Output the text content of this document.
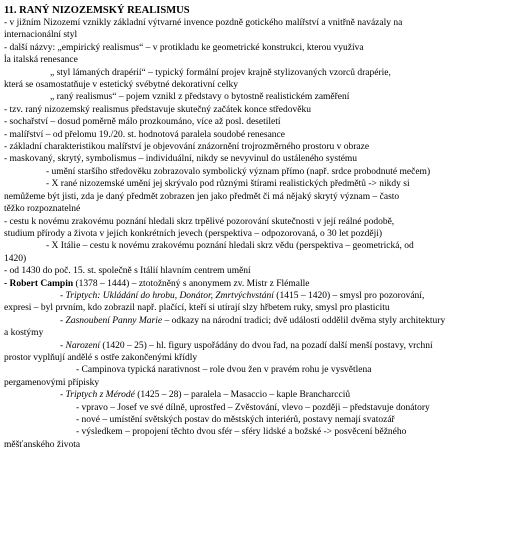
11. RANÝ NIZOZEMSKÝ REALISMUS
- v jižním Nizozemí vznikly základní výtvarné invence pozdně gotického malířství a vnitřně navázaly na
internacionální styl
- další názvy: „empirický realismus“ – v protikladu ke geometrické konstrukci, kterou využíva
ĺa italská renesance
„ styl lámaných drapérií“ – typický formální projev krajně stylizovaných vzorců drapérie,
která se osamostatňuje v estetický svébytné dekorativní celky
„ raný realismus“ – pojem vznikl z představy o bytostně realistickém zaměření
- tzv. raný nizozemský realismus představuje skutečný začátek konce středověku
- sochařství – dosud poměrně málo prozkoumáno, více až posl. desetiletí
- malířství – od přelomu 19./20. st. hodnotová paralela soudobé renesance
- základní charakteristikou malířství je objevování znázornění trojrozměrného prostoru v obraze
- maskovaný, skrytý, symbolismus – individuální, nikdy se nevyvinul do ustáleného systému
- umění staršího středověku zobrazovalo symbolický význam přímo (např. srdce probodnuté mečem)
- X rané nizozemské umění jej skrývalo pod různými štírami realistických předmětů -> nikdy si
nemůžeme být jisti, zda je daný předmět zobrazen jen jako předmět či má nějaký skrytý význam – často
těžko rozpoznatelné
- cestu k novému zrakovému poznání hledali skrz trpělivé pozorování skutečnosti v její reálné podobě,
studium přírody a života v jejích konkrétních jevech (perspektiva – odpozorovaná, o 30 let později)
- X Itálie – cestu k novému zrakovému poznání hledali skrz vědu (perspektiva – geometrická, od
1420)
- od 1430 do poč. 15. st. společně s Itálií hlavním centrem umění
- Robert Campin (1378 – 1444) – ztotožněný s anonymem zv. Mistr z Flémalle
- Triptych: Ukládání do hrobu, Donátor, Zmrtvýchvstání (1415 – 1420) – smysl pro pozorování,
expresi – byl prvním, kdo zobrazil např. plačící, kteří si utírají slzy hřbetem ruky, smysl pro plasticitu
- Zasnoubení Panny Marie – odkazy na národní tradici; dvě události oddělil dvěma styly architektury
a kostýmy
- Narození (1420 – 25) – hl. figury uspořádány do dvou řad, na pozadí další menší postavy, vrchní
prostor vyplňují andělé s ostře zakončenými křídly
- Campinova typická narativnost – role dvou žen v pravém rohu je vysvětlena
pergamenovými přípisky
- Triptych z Mérodé (1425 – 28) – paralela – Masaccio – kaple Brancharcciů
- vpravo – Josef ve své dílně, uprostřed – Zvěstování, vlevo – později – představuje donátory
- nové – umístění světských postav do městských interiérů, postavy nemají svatozář
- výsledkem – propojení těchto dvou sfér – sféry lidské a božské -> posvěcení běžného
měšťanského života
